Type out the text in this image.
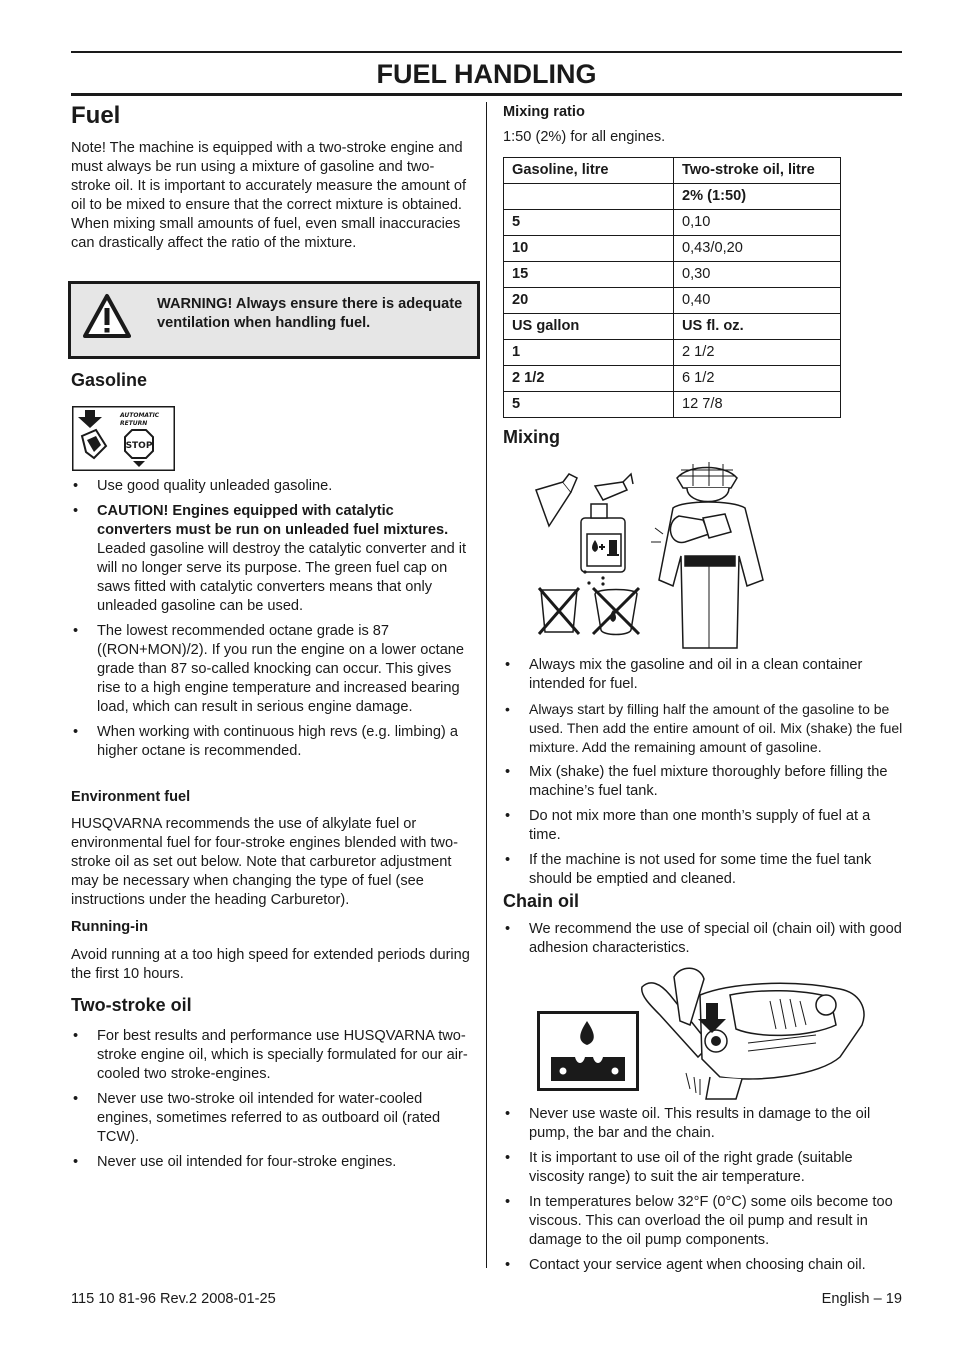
FUEL HANDLING
Fuel

Note! The machine is equipped with a two-stroke engine and must always be run using a mixture of gasoline and two-stroke oil. It is important to accurately measure the amount of oil to be mixed to ensure that the correct mixture is obtained. When mixing small amounts of fuel, even small inaccuracies can drastically affect the ratio of the mixture.

WARNING! Always ensure there is adequate ventilation when handling fuel.
Gasoline
AUTOMATIC
RETURN
STOP
• Use good quality unleaded gasoline.
• CAUTION! Engines equipped with catalytic converters must be run on unleaded fuel mixtures. Leaded gasoline will destroy the catalytic converter and it will no longer serve its purpose. The green fuel cap on saws fitted with catalytic converters means that only unleaded gasoline can be used.
• The lowest recommended octane grade is 87 ((RON+MON)/2). If you run the engine on a lower octane grade than 87 so-called knocking can occur. This gives rise to a high engine temperature and increased bearing load, which can result in serious engine damage.
• When working with continuous high revs (e.g. limbing) a higher octane is recommended.
Environment fuel

HUSQVARNA recommends the use of alkylate fuel or environmental fuel for four-stroke engines blended with two-stroke oil as set out below. Note that carburetor adjustment may be necessary when changing the type of fuel (see instructions under the heading Carburetor).

Running-in

Avoid running at a too high speed for extended periods during the first 10 hours.

Two-stroke oil
• For best results and performance use HUSQVARNA two-stroke engine oil, which is specially formulated for our air-cooled two stroke-engines.
• Never use two-stroke oil intended for water-cooled engines, sometimes referred to as outboard oil (rated TCW).
• Never use oil intended for four-stroke engines.
Mixing ratio

1:50 (2%) for all engines.

Gasoline, litre	Two-stroke oil, litre
	2% (1:50)
5	0,10
10	0,43/0,20
15	0,30
20	0,40
US gallon	US fl. oz.
1	2 1/2
2 1/2	6 1/2
5	12 7/8
Mixing
• Always mix the gasoline and oil in a clean container intended for fuel.
• Always start by filling half the amount of the gasoline to be used. Then add the entire amount of oil. Mix (shake) the fuel mixture. Add the remaining amount of gasoline.
• Mix (shake) the fuel mixture thoroughly before filling the machine’s fuel tank.
• Do not mix more than one month’s supply of fuel at a time.
• If the machine is not used for some time the fuel tank should be emptied and cleaned.
Chain oil
• We recommend the use of special oil (chain oil) with good adhesion characteristics.
• Never use waste oil. This results in damage to the oil pump, the bar and the chain.
• It is important to use oil of the right grade (suitable viscosity range) to suit the air temperature.
• In temperatures below 32°F (0°C) some oils become too viscous. This can overload the oil pump and result in damage to the oil pump components.
• Contact your service agent when choosing chain oil.
115 10 81-96 Rev.2 2008-01-25	English – 19
